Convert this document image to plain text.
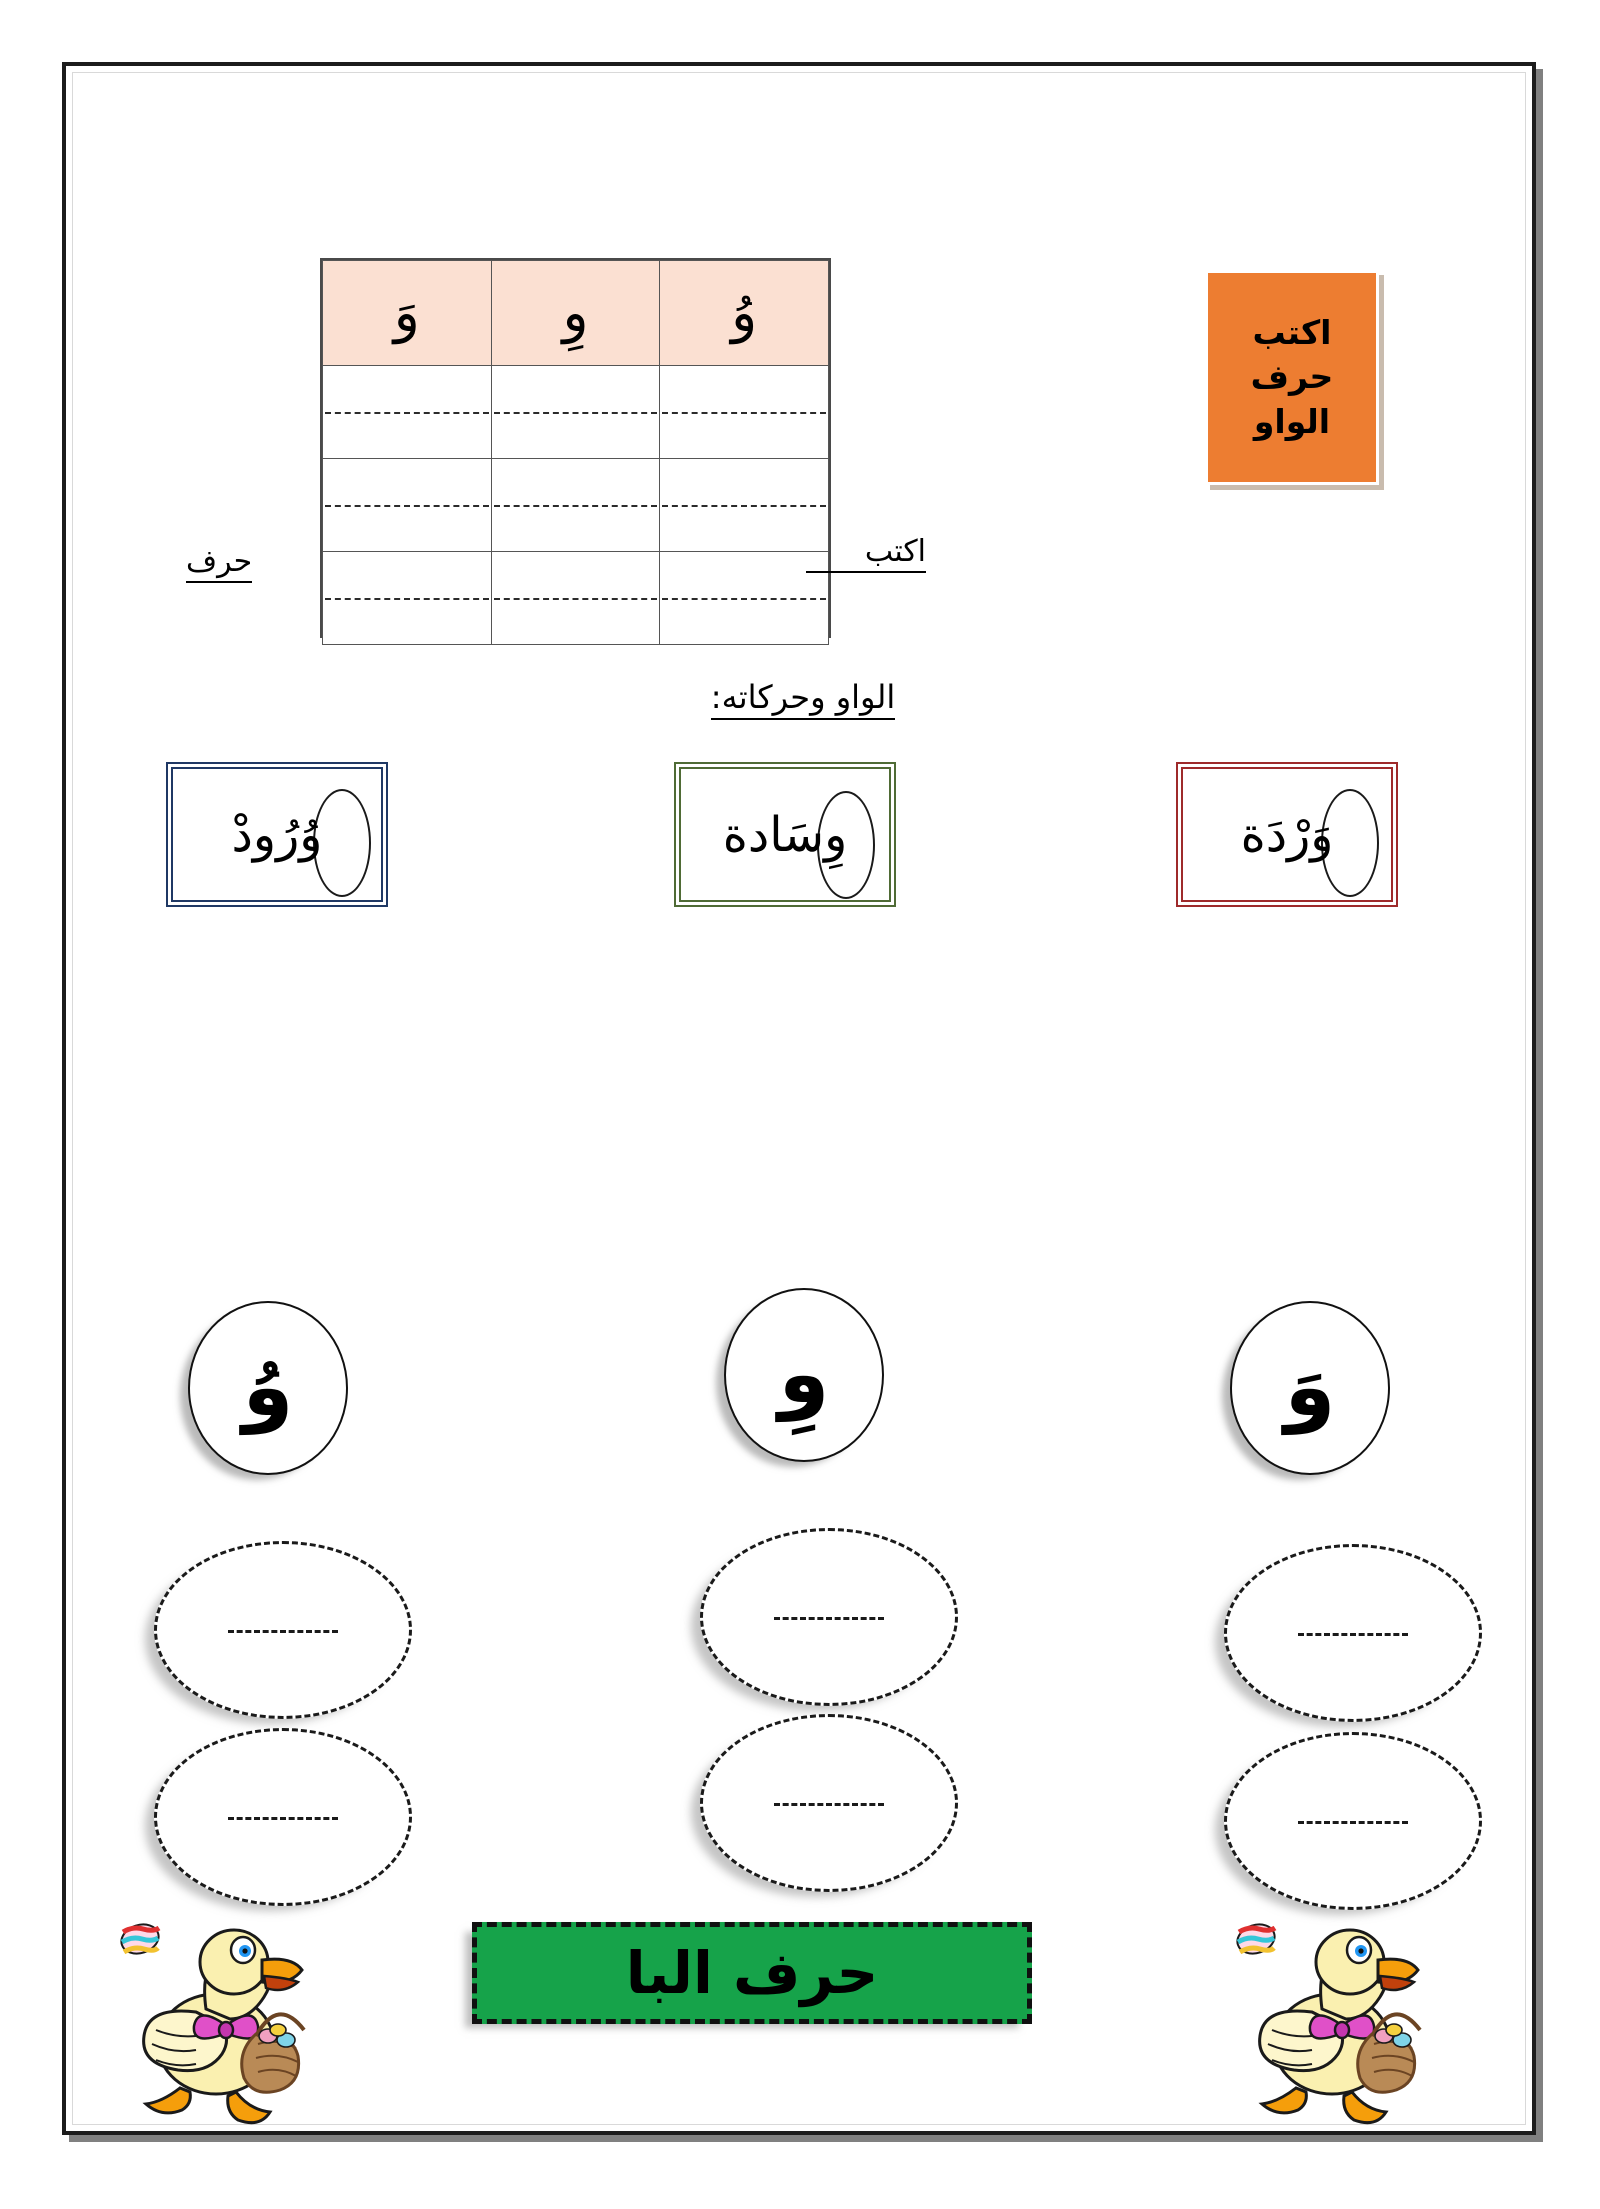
اكتب
حرف
الواو
وُ	وِ	وَ

اكتب
حرف
الواو وحركاته:
وَرْدَة
وِسَادة
وُرُودْ
وَ
وِ
وُ
حرف البا
